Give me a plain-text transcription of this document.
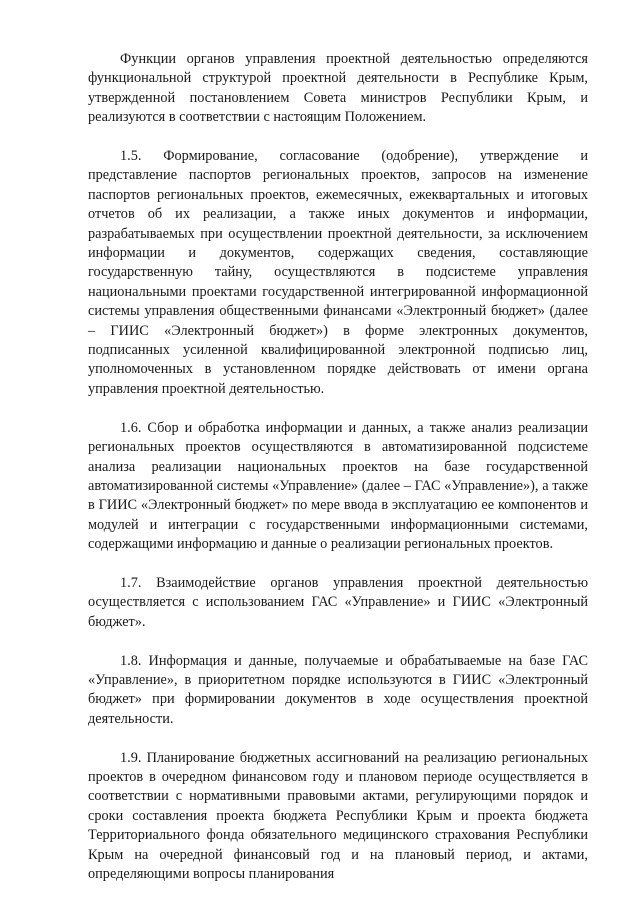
Функции органов управления проектной деятельностью определяются функциональной структурой проектной деятельности в Республике Крым, утвержденной постановлением Совета министров Республики Крым, и реализуются в соответствии с настоящим Положением.

1.5. Формирование, согласование (одобрение), утверждение и представление паспортов региональных проектов, запросов на изменение паспортов региональных проектов, ежемесячных, ежеквартальных и итоговых отчетов об их реализации, а также иных документов и информации, разрабатываемых при осуществлении проектной деятельности, за исключением информации и документов, содержащих сведения, составляющие государственную тайну, осуществляются в подсистеме управления национальными проектами государственной интегрированной информационной системы управления общественными финансами «Электронный бюджет» (далее – ГИИС «Электронный бюджет») в форме электронных документов, подписанных усиленной квалифицированной электронной подписью лиц, уполномоченных в установленном порядке действовать от имени органа управления проектной деятельностью.

1.6. Сбор и обработка информации и данных, а также анализ реализации региональных проектов осуществляются в автоматизированной подсистеме анализа реализации национальных проектов на базе государственной автоматизированной системы «Управление» (далее – ГАС «Управление»), а также в ГИИС «Электронный бюджет» по мере ввода в эксплуатацию ее компонентов и модулей и интеграции с государственными информационными системами, содержащими информацию и данные о реализации региональных проектов.

1.7. Взаимодействие органов управления проектной деятельностью осуществляется с использованием ГАС «Управление» и ГИИС «Электронный бюджет».

1.8. Информация и данные, получаемые и обрабатываемые на базе ГАС «Управление», в приоритетном порядке используются в ГИИС «Электронный бюджет» при формировании документов в ходе осуществления проектной деятельности.

1.9. Планирование бюджетных ассигнований на реализацию региональных проектов в очередном финансовом году и плановом периоде осуществляется в соответствии с нормативными правовыми актами, регулирующими порядок и сроки составления проекта бюджета Республики Крым и проекта бюджета Территориального фонда обязательного медицинского страхования Республики Крым на очередной финансовый год и на плановый период, и актами, определяющими вопросы планирования
